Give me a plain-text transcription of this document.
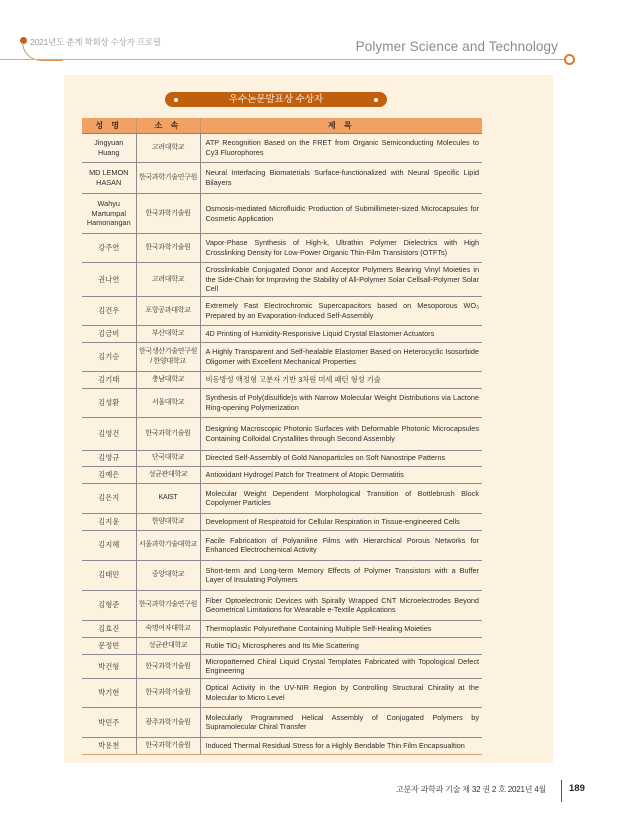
2021년도 춘계 학회상 수상자 프로필	Polymer Science and Technology
우수논문발표상 수상자
성 명	소 속	제 목
Jingyuan Huang	고려대학교	ATP Recognition Based on the FRET from Organic Semiconducting Molecules to Cy3 Fluorophores
MD LEMON HASAN	한국과학기술연구원	Neural Interfacing Biomaterials Surface-functionalized with Neural Specific Lipid Bilayers
Wahyu Martumpal Hamonangan	한국과학기술원	Osmosis-mediated Microfluidic Production of Submillimeter-sized Microcapsules for Cosmetic Application
강주연	한국과학기술원	Vapor-Phase Synthesis of High-k, Ultrathin Polymer Dielectrics with High Crosslinking Density for Low-Power Organic Thin-Film Transistors (OTFTs)
권나연	고려대학교	Crosslinkable Conjugated Donor and Acceptor Polymers Bearing Vinyl Moieties in the Side-Chain for Improving the Stability of All-Polymer Solar Cellsall-Polymer Solar Cell
김건우	포항공과대학교	Extremely Fast Electrochromic Supercapacitors based on Mesoporous WO₃ Prepared by an Evaporation-Induced Self-Assembly
김금비	부산대학교	4D Printing of Humidity-Responsive Liquid Crystal Elastomer Actuators
김기승	한국생산기술연구원 / 한양대학교	A Highly Transparent and Self-healable Elastomer Based on Heterocyclic Isosorbide Oligomer with Excellent Mechanical Properties
김기태	충남대학교	비등방성 액정형 고분자 기반 3차원 미세 패턴 형성 기술
김성환	서울대학교	Synthesis of Poly(disulfide)s with Narrow Molecular Weight Distributions via Lactone Ring-opening Polymerization
김영건	한국과학기술원	Designing Macroscopic Photonic Surfaces with Deformable Photonic Microcapsules Containing Colloidal Crystallites through Second Assembly
김영규	단국대학교	Directed Self-Assembly of Gold Nanoparticles on Soft Nanostripe Patterns
김예은	성균관대학교	Antioxidant Hydrogel Patch for Treatment of Atopic Dermatitis
김은지	KAIST	Molecular Weight Dependent Morphological Transition of Bottlebrush Block Copolymer Particles
김지윤	한양대학교	Development of Respiratoid for Cellular Respiration in Tissue-engineered Cells
김지혜	서울과학기술대학교	Facile Fabrication of Polyaniline Films with Hierarchical Porous Networks for Enhanced Electrochemical Activity
김태민	중앙대학교	Short-term and Long-term Memory Effects of Polymer Transistors with a Buffer Layer of Insulating Polymers
김형준	한국과학기술연구원	Fiber Optoelectronic Devices with Spirally Wrapped CNT Microelectrodes Beyond Geometrical Limitations for Wearable e-Textile Applications
김효진	숙명여자대학교	Thermoplastic Polyurethane Containing Multiple Self-Healing Moieties
문정빈	성균관대학교	Rutile TiO₂ Microspheres and Its Mie Scattering
박건형	한국과학기술원	Micropatterned Chiral Liquid Crystal Templates Fabricated with Topological Defect Engineering
박기현	한국과학기술원	Optical Activity in the UV-NIR Region by Controlling Structural Chirality at the Molecular to Micro Level
박민주	광주과학기술원	Molecularly Programmed Helical Assembly of Conjugated Polymers by Supramolecular Chiral Transfer
박용천	한국과학기술원	Induced Thermal Residual Stress for a Highly Bendable Thin Film Encapsualtion
고분자 과학과 기술 제 32 권 2 호 2021년 4월 189
